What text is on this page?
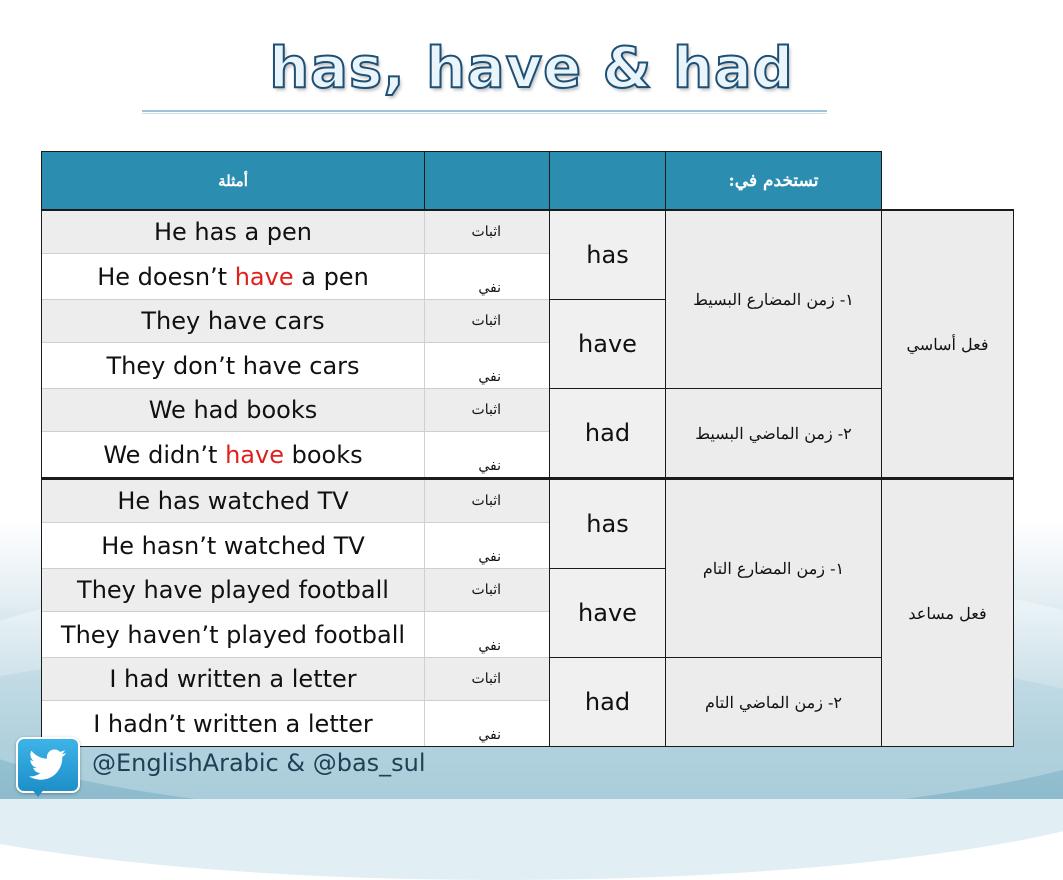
has, have & had
أمثلة			تستخدم في:	
He has a pen	اثبات	has	١- زمن المضارع البسيط	فعل أساسي
He doesn’t have a pen	نفي			
They have cars	اثبات	have		
They don’t have cars	نفي			
We had books	اثبات	had	٢- زمن الماضي البسيط	
We didn’t have books	نفي			
He has watched TV	اثبات	has	١- زمن المضارع التام	فعل مساعد
He hasn’t watched TV	نفي			
They have played football	اثبات	have		
They haven’t played football	نفي			
I had written a letter	اثبات	had	٢- زمن الماضي التام	
I hadn’t written a letter	نفي			
@EnglishArabic & @bas_sul
